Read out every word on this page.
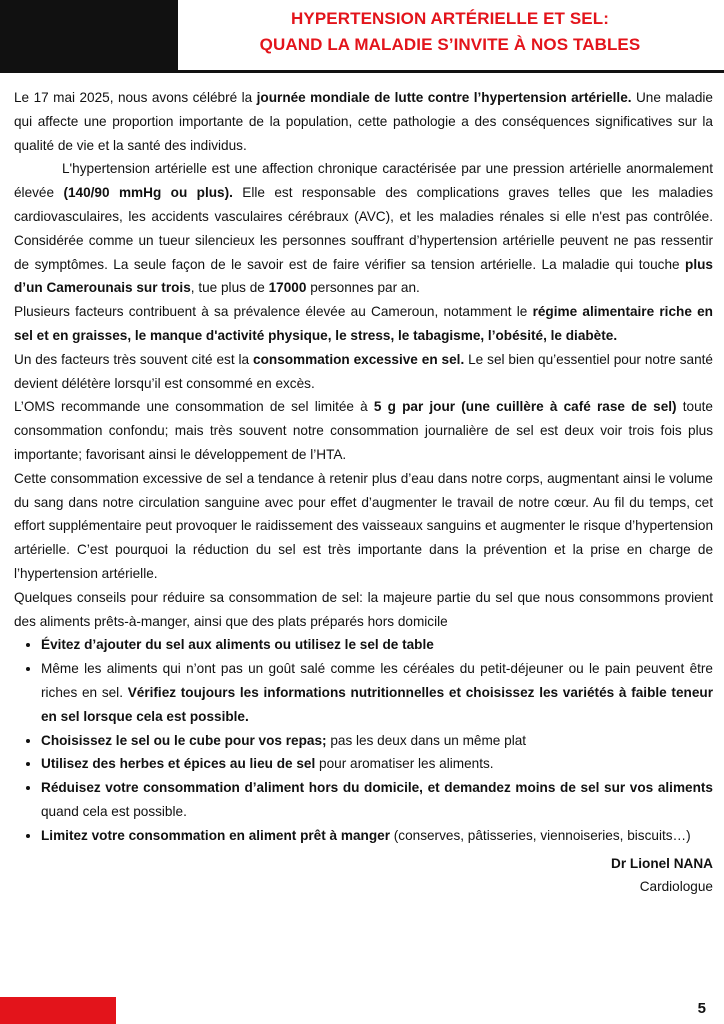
HYPERTENSION ARTÉRIELLE ET SEL:
QUAND LA MALADIE S’INVITE À NOS TABLES

Le 17 mai 2025, nous avons célébré la journée mondiale de lutte contre l’hypertension artérielle. Une maladie qui affecte une proportion importante de la population, cette pathologie a des conséquences significatives sur la qualité de vie et la santé des individus.

L'hypertension artérielle est une affection chronique caractérisée par une pression artérielle anormalement élevée (140/90 mmHg ou plus). Elle est responsable des complications graves telles que les maladies cardiovasculaires, les accidents vasculaires cérébraux (AVC), et les maladies rénales si elle n'est pas contrôlée. Considérée comme un tueur silencieux les personnes souffrant d’hypertension artérielle peuvent ne pas ressentir de symptômes. La seule façon de le savoir est de faire vérifier sa tension artérielle. La maladie qui touche plus d’un Camerounais sur trois, tue plus de 17000 personnes par an.

Plusieurs facteurs contribuent à sa prévalence élevée au Cameroun, notamment le régime alimentaire riche en sel et en graisses, le manque d'activité physique, le stress, le tabagisme, l’obésité, le diabète.

Un des facteurs très souvent cité est la consommation excessive en sel. Le sel bien qu’essentiel pour notre santé devient délétère lorsqu’il est consommé en excès.

L’OMS recommande une consommation de sel limitée à 5 g par jour (une cuillère à café rase de sel) toute consommation confondu; mais très souvent notre consommation journalière de sel est deux voir trois fois plus importante; favorisant ainsi le développement de l’HTA.

Cette consommation excessive de sel a tendance à retenir plus d’eau dans notre corps, augmentant ainsi le volume du sang dans notre circulation sanguine avec pour effet d’augmenter le travail de notre cœur. Au fil du temps, cet effort supplémentaire peut provoquer le raidissement des vaisseaux sanguins et augmenter le risque d’hypertension artérielle. C’est pourquoi la réduction du sel est très importante dans la prévention et la prise en charge de l’hypertension artérielle.

Quelques conseils pour réduire sa consommation de sel: la majeure partie du sel que nous consommons provient des aliments prêts-à-manger, ainsi que des plats préparés hors domicile

• Évitez d’ajouter du sel aux aliments ou utilisez le sel de table
• Même les aliments qui n’ont pas un goût salé comme les céréales du petit-déjeuner ou le pain peuvent être riches en sel. Vérifiez toujours les informations nutritionnelles et choisissez les variétés à faible teneur en sel lorsque cela est possible.
• Choisissez le sel ou le cube pour vos repas; pas les deux dans un même plat
• Utilisez des herbes et épices au lieu de sel pour aromatiser les aliments.
• Réduisez votre consommation d’aliment hors du domicile, et demandez moins de sel sur vos aliments quand cela est possible.
• Limitez votre consommation en aliment prêt à manger (conserves, pâtisseries, viennoiseries, biscuits…)
Dr Lionel NANA
Cardiologue
5
